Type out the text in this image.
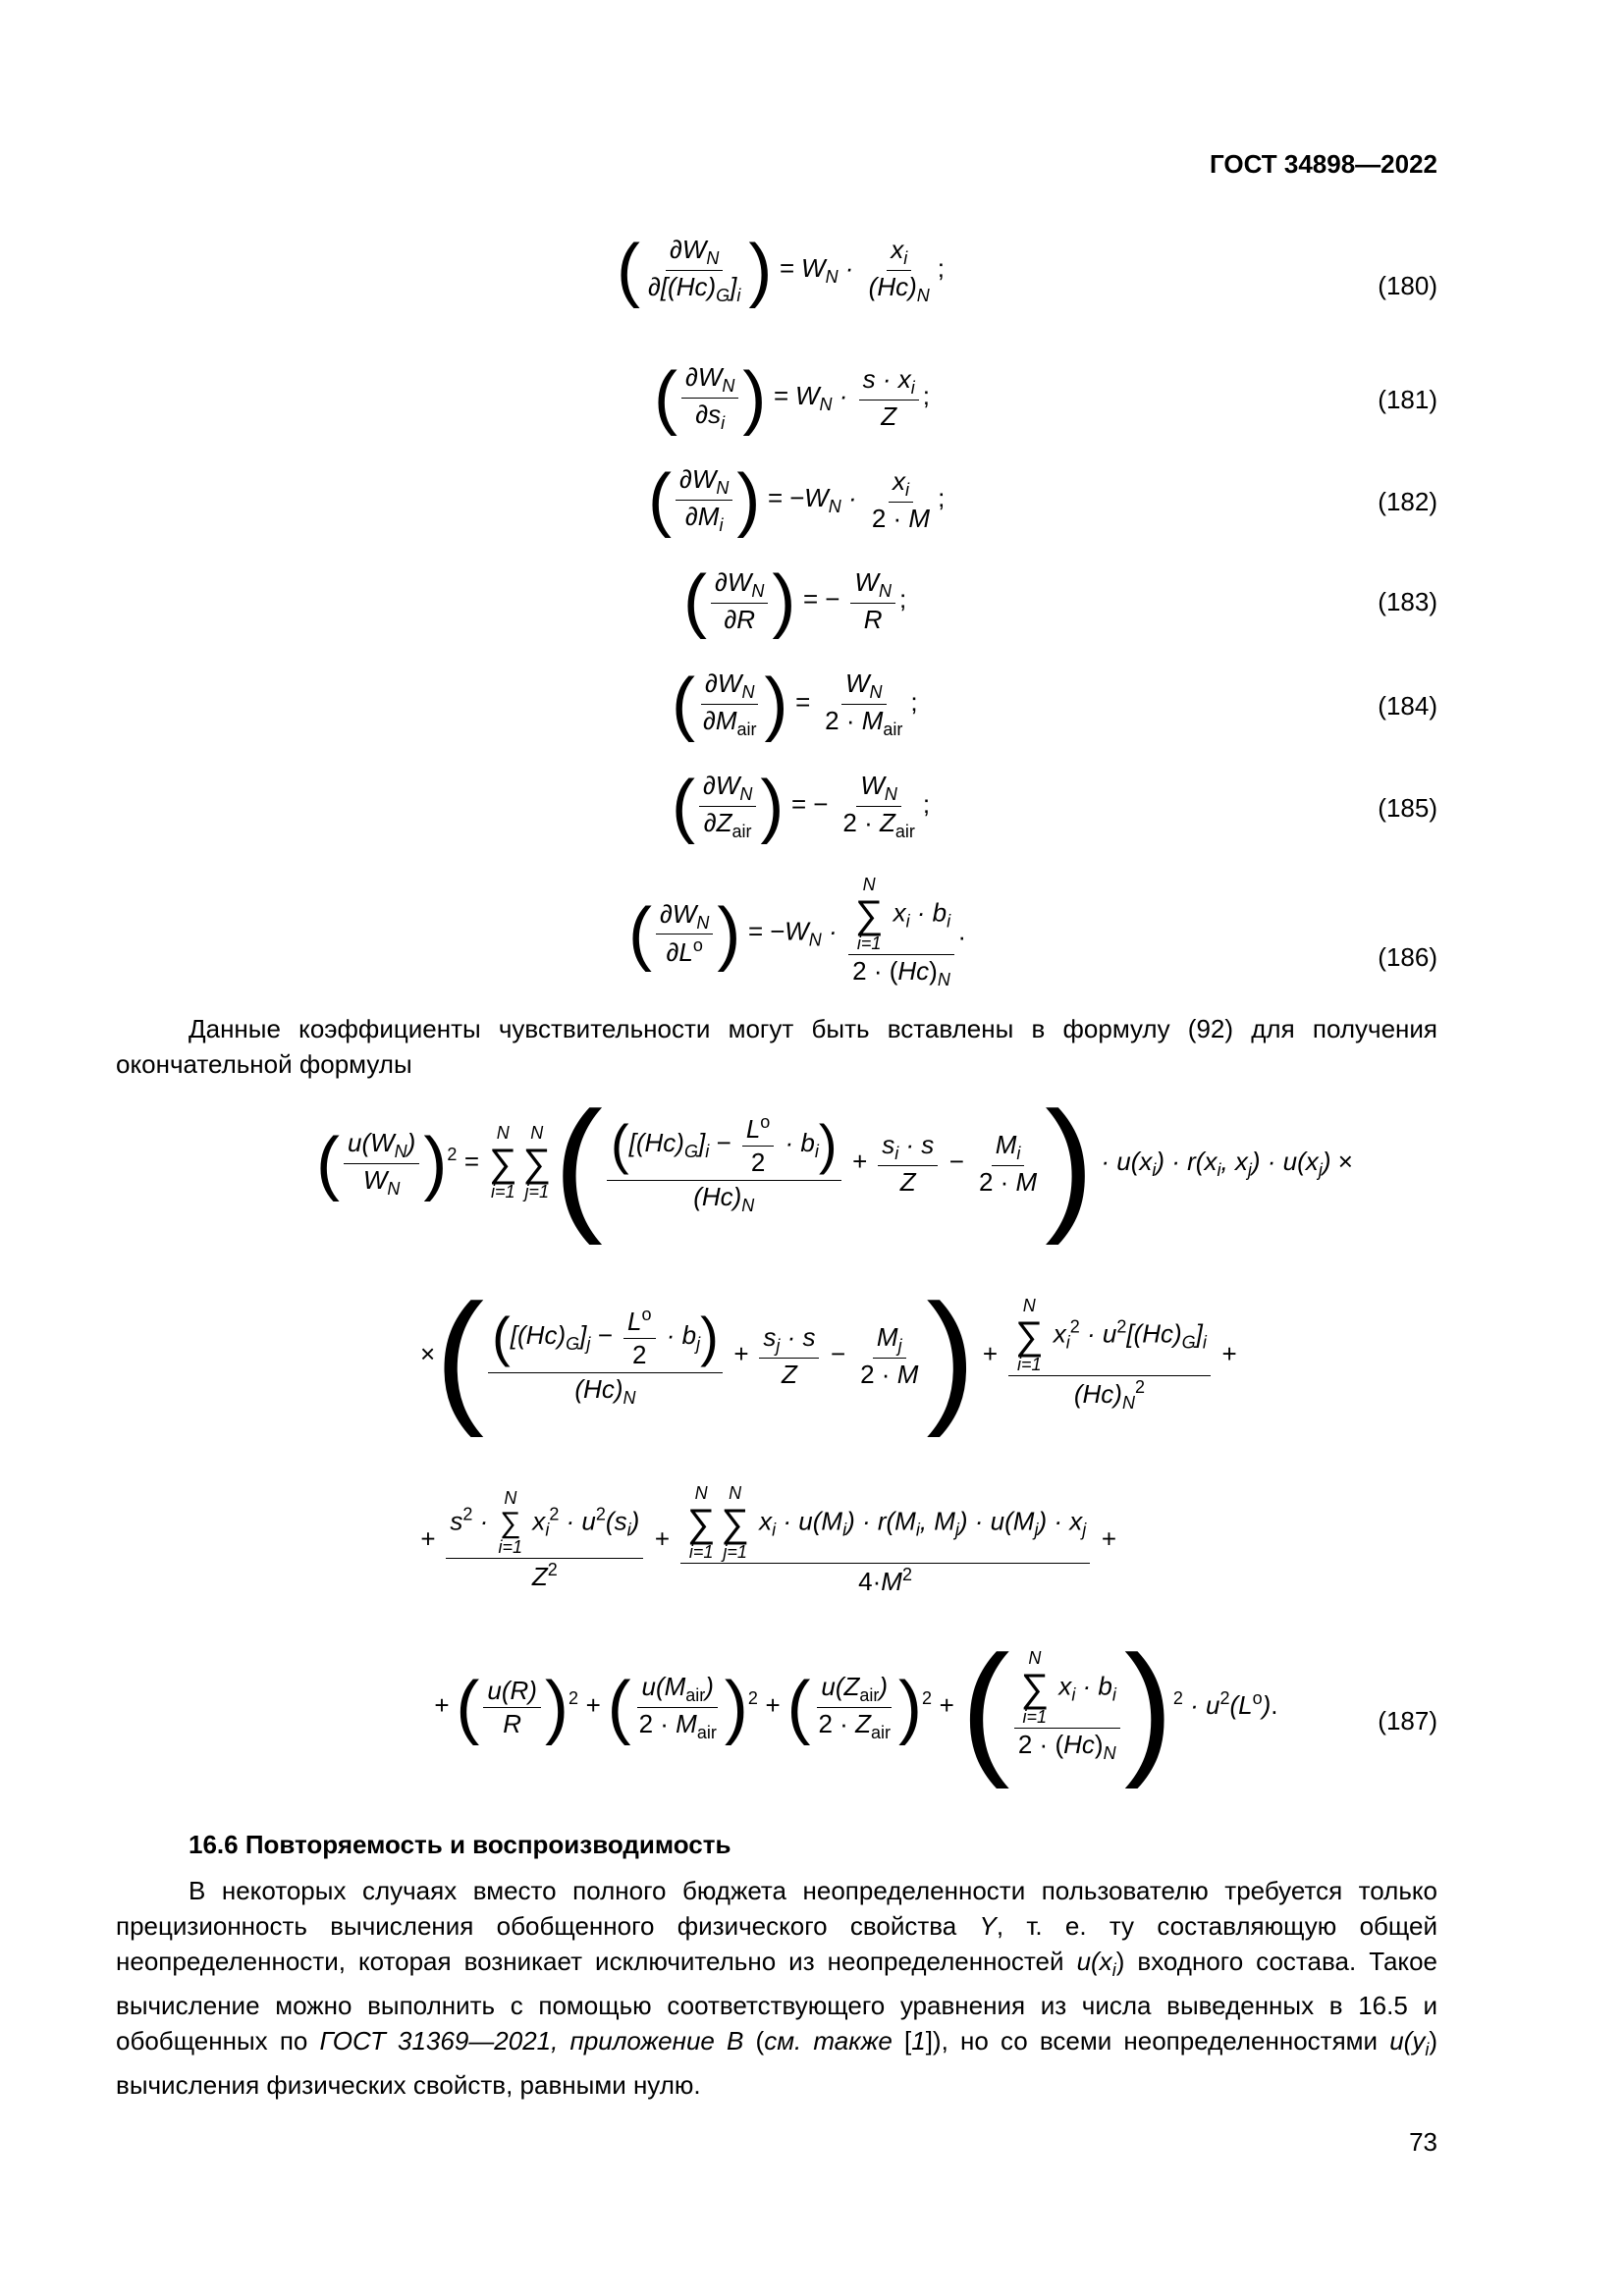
ГОСТ 34898—2022
( $\frac{\partial W_N}{\partial[(Hc)_G]_i}$ ) = $W_N \cdot \frac{x_i}{(Hc)_N}$ ;
(180)
( $\frac{\partial W_N}{\partial s_i}$ ) = $W_N \cdot \frac{s \cdot x_i}{Z}$ ;	(181)
( $\frac{\partial W_N}{\partial M_i}$ ) = $-W_N \cdot \frac{x_i}{2 \cdot M}$ ;	(182)
( $\frac{\partial W_N}{\partial R}$ ) = − $\frac{W_N}{R}$ ;	(183)
( $\frac{\partial W_N}{\partial M_{air}}$ ) = $\frac{W_N}{2 \cdot M_{air}}$ ;	(184)
( $\frac{\partial W_N}{\partial Z_{air}}$ ) = − $\frac{W_N}{2 \cdot Z_{air}}$ ;	(185)
( $\frac{\partial W_N}{\partial L^o}$ ) = $-W_N \cdot N$
∑
i=1
$x_i \cdot b_i$
$2 \cdot (Hc)_N$ .
(186)
Данные коэффициенты чувствительности могут быть вставлены в формулу (92) для получения окончательной формулы
( $\frac{u(W_N)}{W_N} )^2$ =
N
∑
i=1
N
∑
j=1 ( $\frac{([(Hc)_G]_i - \frac{L^o}{2} \cdot b_i)}{(Hc)_N} + \frac{s_i \cdot s}{Z} - \frac{M_i}{2 \cdot M}$ ) · $u(x_i) \cdot r(x_i$, $x_j) \cdot u(x_j)$ ×
×( $\frac{([(Hc)_G]_j - \frac{L^o}{2} \cdot b_j)}{(Hc)_N} + \frac{s_j \cdot s}{Z} - \frac{M_j}{2 \cdot M}$ ) + N
∑
i=1
$x_i^2 \cdot u^2[(Hc)_G]_i$
$(Hc)_N^2$ +
+ $s^2$ ·
N
∑
i=1
$x_i^2 \cdot u^2(s_i)$
$Z^2 + N$
∑
i=1
N
∑
j=1
$x_i \cdot u(M_i) \cdot r(M_i$, $M_j) \cdot u(M_j) \cdot x_j$
$4\cdot M^2$ +
+ ( $\frac{u(R)}{R} )^2$ + ( $\frac{u(M_{air})}{2 \cdot M_{air}} )^2$ + ( $\frac{u(Z_{air})}{2 \cdot Z_{air}} )^2$ + ( N
∑
i=1
$x_i \cdot b_i$
$2 \cdot (Hc)_N$ )$^2 \cdot u^2(L^o)$.
(187)
16.6 Повторяемость и воспроизводимость
В некоторых случаях вместо полного бюджета неопределенности пользователю требуется только прецизионность вычисления обобщенного физического свойства Y, т. е. ту составляющую общей неопределенности, которая возникает исключительно из неопределенностей $u(x_i)$ входного состава. Такое вычисление можно выполнить с помощью соответствующего уравнения из числа выведенных в 16.5 и обобщенных по ГОСТ 31369—2021, приложение В (см. также [1]), но со всеми неопределенностями $u(y_i)$ вычисления физических свойств, равными нулю.
73
